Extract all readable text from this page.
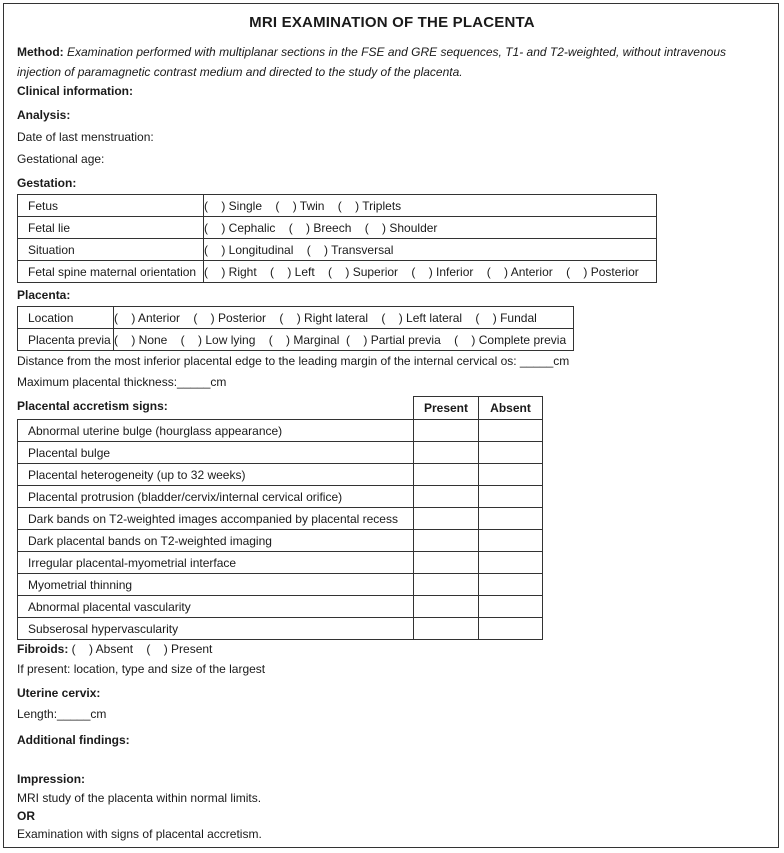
MRI EXAMINATION OF THE PLACENTA
Method: Examination performed with multiplanar sections in the FSE and GRE sequences, T1- and T2-weighted, without intravenous injection of paramagnetic contrast medium and directed to the study of the placenta.
Clinical information:
Analysis:
Date of last menstruation:
Gestational age:
Gestation:
Fetus	(    ) Single    (    ) Twin    (    ) Triplets
Fetal lie	(    ) Cephalic    (    ) Breech    (    ) Shoulder
Situation	(    ) Longitudinal    (    ) Transversal
Fetal spine maternal orientation	(    ) Right    (    ) Left    (    ) Superior    (    ) Inferior    (    ) Anterior    (    ) Posterior
Placenta:
Location	(    ) Anterior    (    ) Posterior    (    ) Right lateral    (    ) Left lateral    (    ) Fundal
Placenta previa	(    ) None    (    ) Low lying    (    ) Marginal  (    ) Partial previa    (    ) Complete previa
Distance from the most inferior placental edge to the leading margin of the internal cervical os: _____cm
Maximum placental thickness:_____cm
Placental accretism signs:
		Present	Absent
Abnormal uterine bulge (hourglass appearance)		
Placental bulge		
Placental heterogeneity (up to 32 weeks)		
Placental protrusion (bladder/cervix/internal cervical orifice)		
Dark bands on T2-weighted images accompanied by placental recess		
Dark placental bands on T2-weighted imaging		
Irregular placental-myometrial interface		
Myometrial thinning		
Abnormal placental vascularity		
Subserosal hypervascularity		
Fibroids: (    ) Absent    (    ) Present
If present: location, type and size of the largest
Uterine cervix:
Length:_____cm
Additional findings:
Impression:
MRI study of the placenta within normal limits.
OR
Examination with signs of placental accretism.
